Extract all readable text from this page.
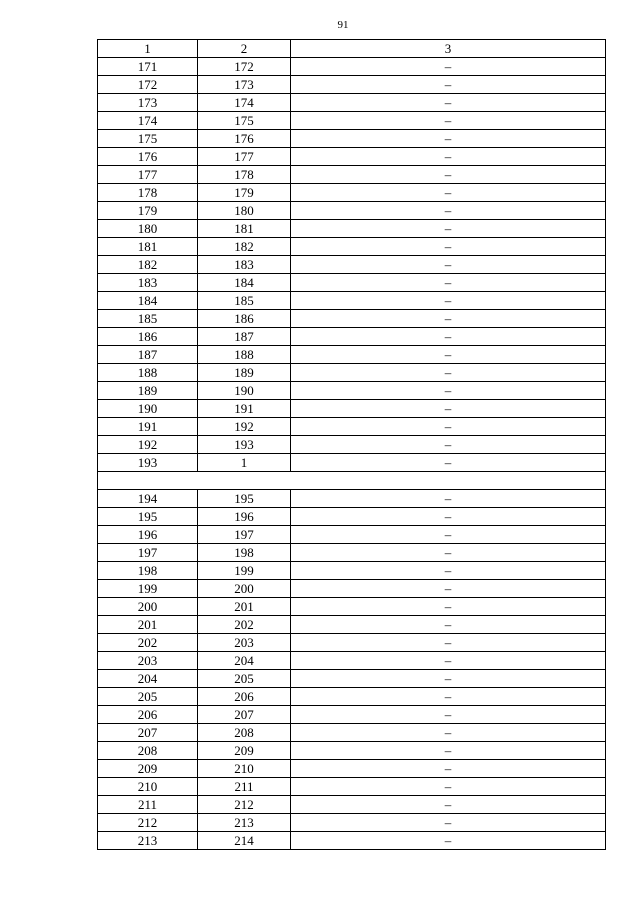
91
1	2	3
171	172	–
172	173	–
173	174	–
174	175	–
175	176	–
176	177	–
177	178	–
178	179	–
179	180	–
180	181	–
181	182	–
182	183	–
183	184	–
184	185	–
185	186	–
186	187	–
187	188	–
188	189	–
189	190	–
190	191	–
191	192	–
192	193	–
193	1	–

194	195	–
195	196	–
196	197	–
197	198	–
198	199	–
199	200	–
200	201	–
201	202	–
202	203	–
203	204	–
204	205	–
205	206	–
206	207	–
207	208	–
208	209	–
209	210	–
210	211	–
211	212	–
212	213	–
213	214	–
